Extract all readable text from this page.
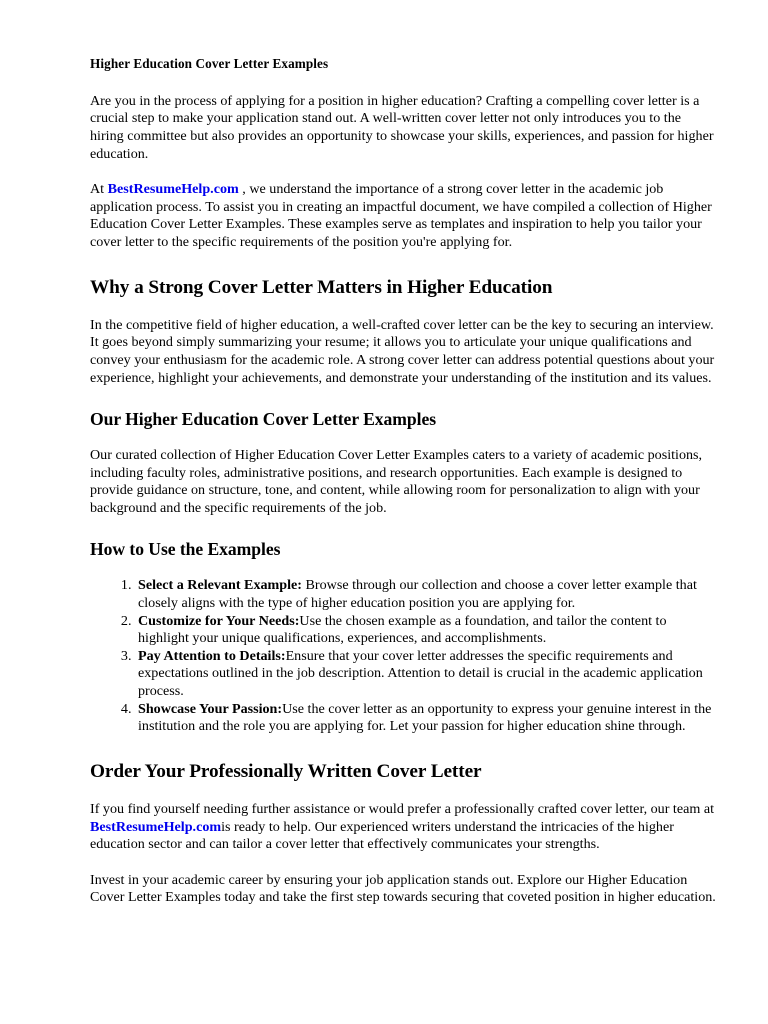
Higher Education Cover Letter Examples

Are you in the process of applying for a position in higher education? Crafting a compelling cover letter is a crucial step to make your application stand out. A well-written cover letter not only introduces you to the hiring committee but also provides an opportunity to showcase your skills, experiences, and passion for higher education.

At BestResumeHelp.com , we understand the importance of a strong cover letter in the academic job application process. To assist you in creating an impactful document, we have compiled a collection of Higher Education Cover Letter Examples. These examples serve as templates and inspiration to help you tailor your cover letter to the specific requirements of the position you're applying for.

Why a Strong Cover Letter Matters in Higher Education

In the competitive field of higher education, a well-crafted cover letter can be the key to securing an interview. It goes beyond simply summarizing your resume; it allows you to articulate your unique qualifications and convey your enthusiasm for the academic role. A strong cover letter can address potential questions about your experience, highlight your achievements, and demonstrate your understanding of the institution and its values.

Our Higher Education Cover Letter Examples

Our curated collection of Higher Education Cover Letter Examples caters to a variety of academic positions, including faculty roles, administrative positions, and research opportunities. Each example is designed to provide guidance on structure, tone, and content, while allowing room for personalization to align with your background and the specific requirements of the job.

How to Use the Examples
1. Select a Relevant Example: Browse through our collection and choose a cover letter example that closely aligns with the type of higher education position you are applying for.
2. Customize for Your Needs:Use the chosen example as a foundation, and tailor the content to highlight your unique qualifications, experiences, and accomplishments.
3. Pay Attention to Details:Ensure that your cover letter addresses the specific requirements and expectations outlined in the job description. Attention to detail is crucial in the academic application process.
4. Showcase Your Passion:Use the cover letter as an opportunity to express your genuine interest in the institution and the role you are applying for. Let your passion for higher education shine through.
Order Your Professionally Written Cover Letter

If you find yourself needing further assistance or would prefer a professionally crafted cover letter, our team at BestResumeHelp.comis ready to help. Our experienced writers understand the intricacies of the higher education sector and can tailor a cover letter that effectively communicates your strengths.

Invest in your academic career by ensuring your job application stands out. Explore our Higher Education Cover Letter Examples today and take the first step towards securing that coveted position in higher education.
